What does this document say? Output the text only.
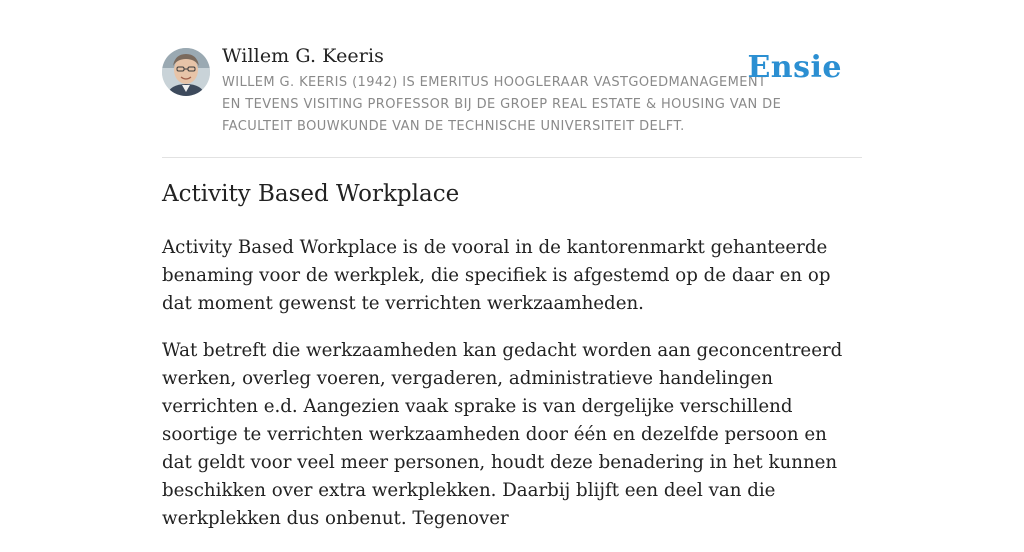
Willem G. Keeris
WILLEM G. KEERIS (1942) IS EMERITUS HOOGLERAAR VASTGOEDMANAGEMENT EN TEVENS VISITING PROFESSOR BIJ DE GROEP REAL ESTATE & HOUSING VAN DE FACULTEIT BOUWKUNDE VAN DE TECHNISCHE UNIVERSITEIT DELFT.
Ensie
Activity Based Workplace

Activity Based Workplace is de vooral in de kantorenmarkt gehanteerde benaming voor de werkplek, die specifiek is afgestemd op de daar en op dat moment gewenst te verrichten werkzaamheden.

Wat betreft die werkzaamheden kan gedacht worden aan geconcentreerd werken, overleg voeren, vergaderen, administratieve handelingen verrichten e.d. Aangezien vaak sprake is van dergelijke verschillend soortige te verrichten werkzaamheden door één en dezelfde persoon en dat geldt voor veel meer personen, houdt deze benadering in het kunnen beschikken over extra werkplekken. Daarbij blijft een deel van die werkplekken dus onbenut. Tegenover
